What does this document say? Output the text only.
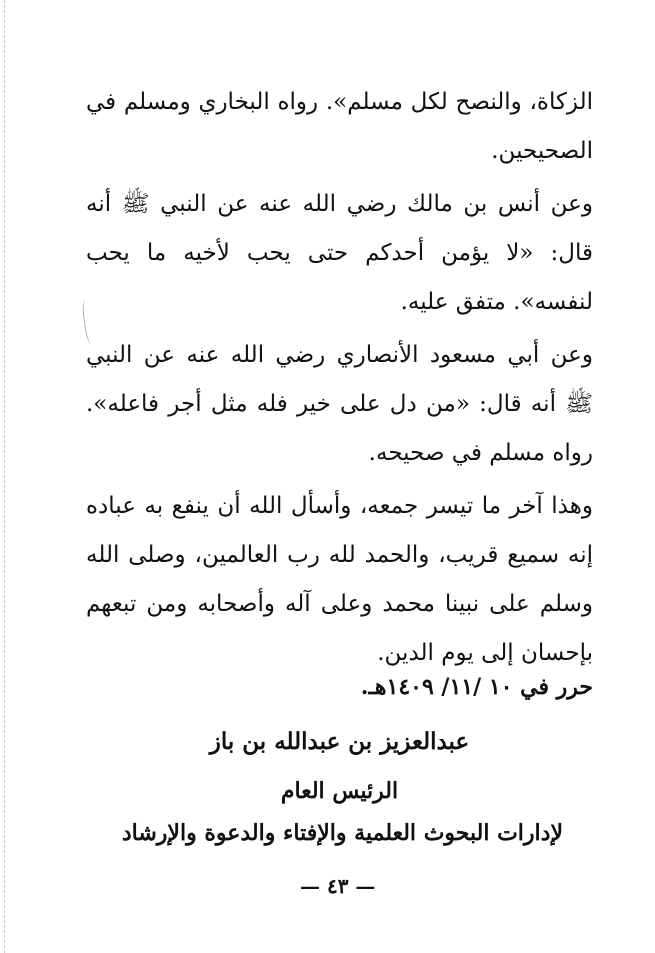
الزكاة، والنصح لكل مسلم». رواه البخاري ومسلم في الصحيحين.

وعن أنس بن مالك رضي الله عنه عن النبي ﷺ أنه قال: «لا يؤمن أحدكم حتى يحب لأخيه ما يحب لنفسه». متفق عليه.

وعن أبي مسعود الأنصاري رضي الله عنه عن النبي ﷺ أنه قال: «من دل على خير فله مثل أجر فاعله». رواه مسلم في صحيحه.

وهذا آخر ما تيسر جمعه، وأسأل الله أن ينفع به عباده إنه سميع قريب، والحمد لله رب العالمين، وصلى الله وسلم على نبينا محمد وعلى آله وأصحابه ومن تبعهم بإحسان إلى يوم الدين.

حرر في ١٠ /١١/ ١٤٠٩هـ.
عبدالعزيز بن عبدالله بن باز
الرئيس العام
لإدارات البحوث العلمية والإفتاء والدعوة والإرشاد
— ٤٣ —
